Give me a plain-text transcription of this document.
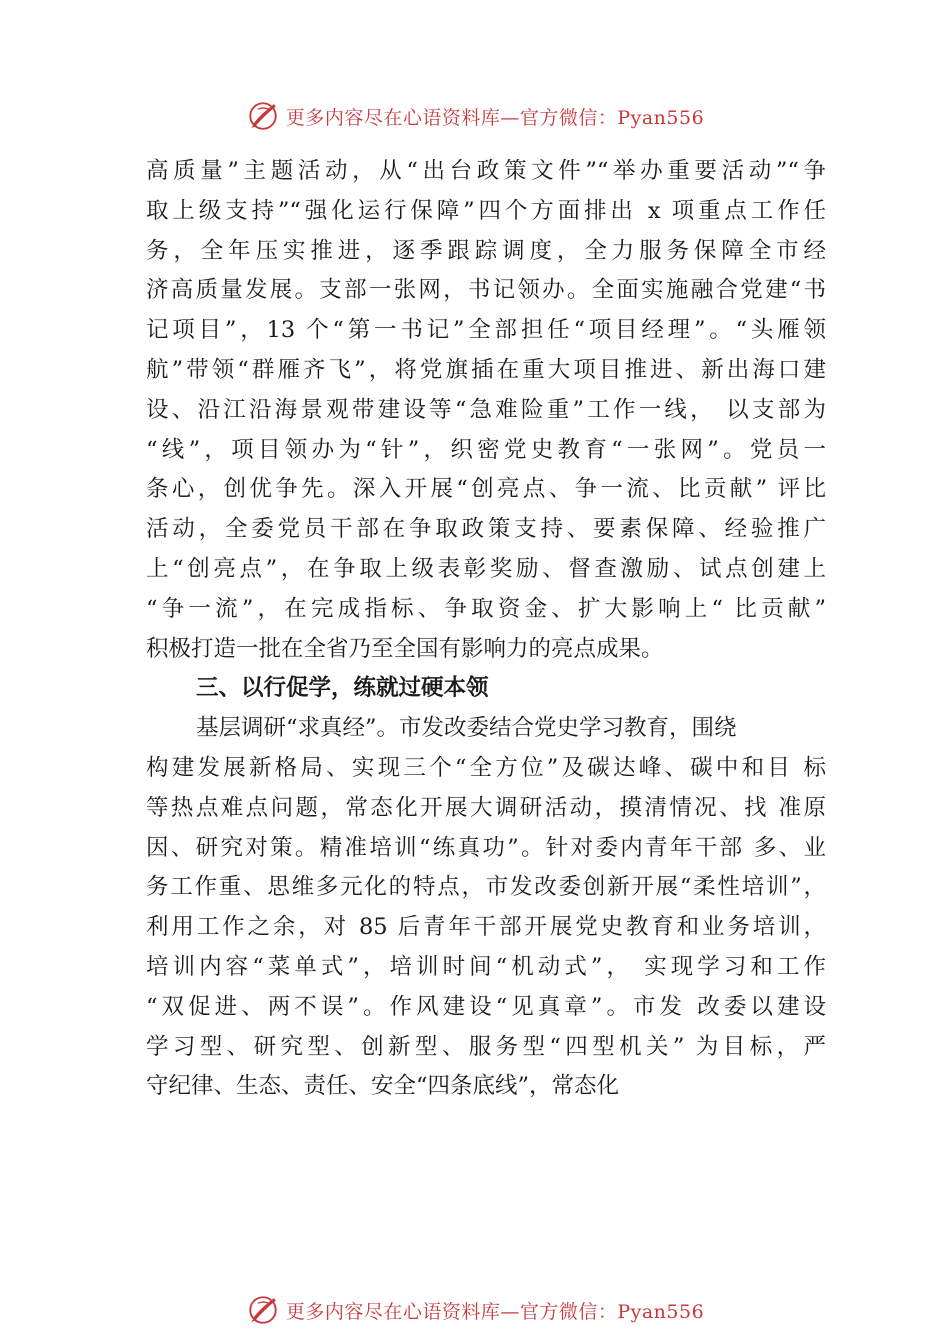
更多内容尽在心语资料库—官方微信：Pyan556
高质量”主题活动，从“出台政策文件”“举办重要活动”“争
取上级支持”“强化运行保障”四个方面排出 x 项重点工作任
务，全年压实推进，逐季跟踪调度，全力服务保障全市经
济高质量发展。支部一张网，书记领办。全面实施融合党建“书
记项目”，13 个“第一书记”全部担任“项目经理”。“头雁领
航”带领“群雁齐飞”，将党旗插在重大项目推进、新出海口建
设、沿江沿海景观带建设等“急难险重”工作一线， 以支部为
“线”，项目领办为“针”，织密党史教育“一张网”。党员一
条心，创优争先。深入开展“创亮点、争一流、比贡献” 评比
活动，全委党员干部在争取政策支持、要素保障、经验推广
上“创亮点”，在争取上级表彰奖励、督查激励、试点创建上
“争一流”，在完成指标、争取资金、扩大影响上“ 比贡献”
积极打造一批在全省乃至全国有影响力的亮点成果。
三、以行促学，练就过硬本领
基层调研“求真经”。市发改委结合党史学习教育，围绕
构建发展新格局、实现三个“全方位”及碳达峰、碳中和目 标
等热点难点问题，常态化开展大调研活动，摸清情况、找 准原
因、研究对策。精准培训“练真功”。针对委内青年干部 多、业
务工作重、思维多元化的特点，市发改委创新开展“柔性培训”，
利用工作之余，对 85 后青年干部开展党史教育和业务培训，
培训内容“菜单式”，培训时间“机动式”， 实现学习和工作
“双促进、两不误”。作风建设“见真章”。市发 改委以建设
学习型、研究型、创新型、服务型“四型机关” 为目标，严
守纪律、生态、责任、安全“四条底线”，常态化
更多内容尽在心语资料库—官方微信：Pyan556
